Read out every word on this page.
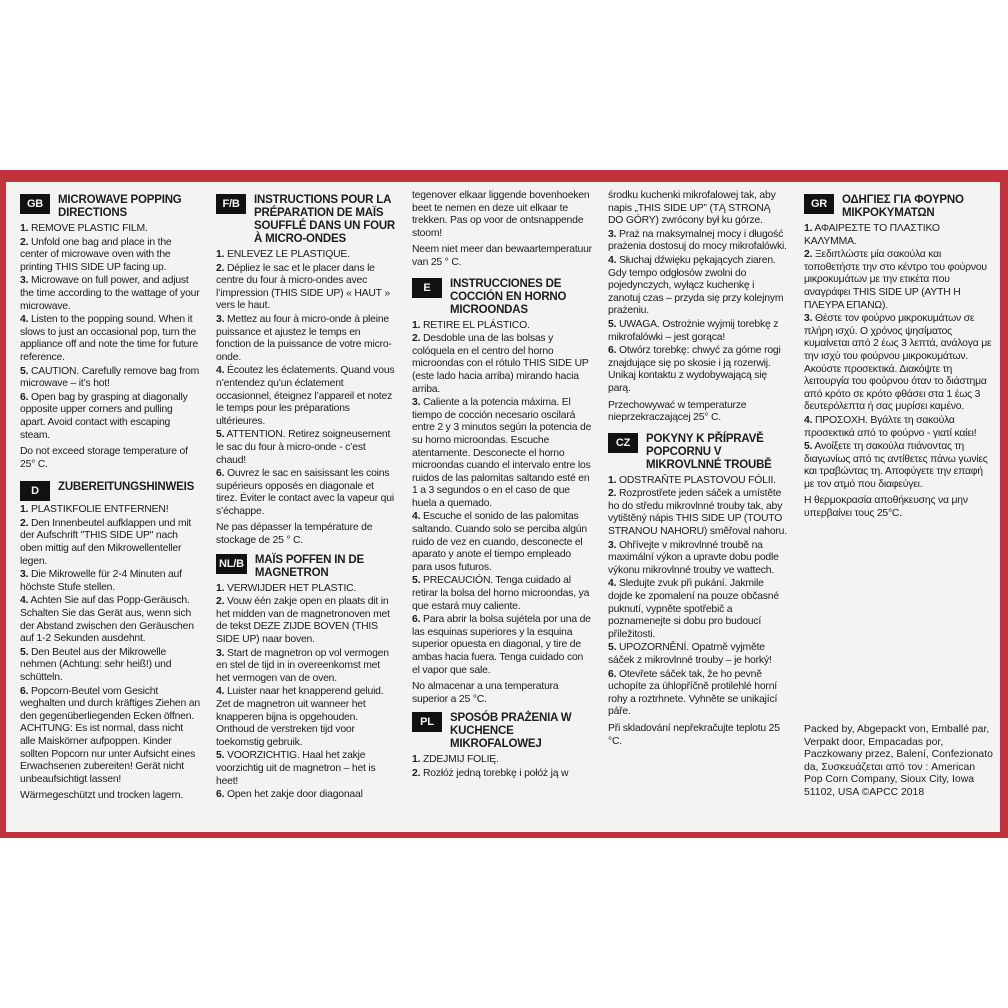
GB	MICROWAVE POPPING DIRECTIONS
1. REMOVE PLASTIC FILM.
2. Unfold one bag and place in the center of microwave oven with the printing THIS SIDE UP facing up.
3. Microwave on full power, and adjust the time according to the wattage of your microwave.
4. Listen to the popping sound. When it slows to just an occasional pop, turn the appliance off and note the time for future reference.
5. CAUTION. Carefully remove bag from microwave – it’s hot!
6. Open bag by grasping at diagonally opposite upper corners and pulling apart. Avoid contact with escaping steam.
Do not exceed storage temperature of 25° C.
D	ZUBEREITUNGSHINWEIS
1. PLASTIKFOLIE ENTFERNEN!
2. Den Innenbeutel aufklappen und mit der Aufschrift "THIS SIDE UP" nach oben mittig auf den Mikrowellenteller legen.
3. Die Mikrowelle für 2-4 Minuten auf höchste Stufe stellen.
4. Achten Sie auf das Popp-Geräusch. Schalten Sie das Gerät aus, wenn sich der Abstand zwischen den Geräuschen auf 1-2 Sekunden ausdehnt.
5. Den Beutel aus der Mikrowelle nehmen (Achtung: sehr heiß!) und schütteln.
6. Popcorn-Beutel vom Gesicht weghalten und durch kräftiges Ziehen an den gegenüberliegenden Ecken öffnen. ACHTUNG: Es ist normal, dass nicht alle Maiskörner aufpoppen. Kinder sollten Popcorn nur unter Aufsicht eines Erwachsenen zubereiten! Gerät nicht unbeaufsichtigt lassen!
Wärmegeschützt und trocken lagern.
F/B	INSTRUCTIONS POUR LA PRÉPARATION DE MAÏS SOUFFLÉ DANS UN FOUR À MICRO-ONDES
1. ENLEVEZ LE PLASTIQUE.
2. Dépliez le sac et le placer dans le centre du four à micro-ondes avec l’impression (THIS SIDE UP) « HAUT » vers le haut.
3. Mettez au four à micro-onde à pleine puissance et ajustez le temps en fonction de la puissance de votre micro-onde.
4. Écoutez les éclatements. Quand vous n’entendez qu’un éclatement occasionnel, éteignez l’appareil et notez le temps pour les préparations ultérieures.
5. ATTENTION. Retirez soigneusement le sac du four à micro-onde - c’est chaud!
6. Ouvrez le sac en saisissant les coins supérieurs opposés en diagonale et tirez. Éviter le contact avec la vapeur qui s’échappe.
Ne pas dépasser la température de stockage de 25 ° C.
NL/B MAÏS POFFEN IN DE MAGNETRON
1. VERWIJDER HET PLASTIC.
2. Vouw één zakje open en plaats dit in het midden van de magnetronoven met de tekst DEZE ZIJDE BOVEN (THIS SIDE UP) naar boven.
3. Start de magnetron op vol vermogen en stel de tijd in in overeenkomst met het vermogen van de oven.
4. Luister naar het knapperend geluid. Zet de magnetron uit wanneer het knapperen bijna is opgehouden. Onthoud de verstreken tijd voor toekomstig gebruik.
5. VOORZICHTIG. Haal het zakje voorzichtig uit de magnetron – het is heet!
6. Open het zakje door diagonaal
tegenover elkaar liggende bovenhoeken beet te nemen en deze uit elkaar te trekken. Pas op voor de ontsnappende stoom!
Neem niet meer dan bewaartemperatuur van 25 ° C.
E	INSTRUCCIONES DE COCCIÓN EN HORNO MICROONDAS
1. RETIRE EL PLÁSTICO.
2. Desdoble una de las bolsas y colóquela en el centro del horno microondas con el rótulo THIS SIDE UP (este lado hacia arriba) mirando hacia arriba.
3. Caliente a la potencia máxima. El tiempo de cocción necesario oscilará entre 2 y 3 minutos según la potencia de su horno microondas. Escuche atentamente. Desconecte el horno microondas cuando el intervalo entre los ruidos de las palomitas saltando esté en 1 a 3 segundos o en el caso de que huela a quemado.
4. Escuche el sonido de las palomitas saltando. Cuando solo se perciba algún ruido de vez en cuando, desconecte el aparato y anote el tiempo empleado para usos futuros.
5. PRECAUCIÓN. Tenga cuidado al retirar la bolsa del horno microondas, ya que estará muy caliente.
6. Para abrir la bolsa sujétela por una de las esquinas superiores y la esquina superior opuesta en diagonal, y tire de ambas hacia fuera. Tenga cuidado con el vapor que sale.
No almacenar a una temperatura superior a 25 °C.
PL	SPOSÓB PRAŻENIA W KUCHENCE MIKROFALOWEJ
1. ZDEJMIJ FOLIĘ.
2. Rozłóż jedną torebkę i połóż ją w
środku kuchenki mikrofalowej tak, aby napis „THIS SIDE UP” (TĄ STRONĄ DO GÓRY) zwrócony był ku górze.
3. Praż na maksymalnej mocy i długość prażenia dostosuj do mocy mikrofalówki.
4. Słuchaj dźwięku pękających ziaren. Gdy tempo odgłosów zwolni do pojedynczych, wyłącz kuchenkę i zanotuj czas – przyda się przy kolejnym prażeniu.
5. UWAGA. Ostrożnie wyjmij torebkę z mikrofalówki – jest gorąca!
6. Otwórz torebkę: chwyć za górne rogi znajdujące się po skosie i ją rozerwij. Unikaj kontaktu z wydobywającą się parą.
Przechowywać w temperaturze nieprzekraczającej 25° C.
CZ	POKYNY K PŘÍPRAVĚ POPCORNU V MIKROVLNNÉ TROUBĚ
1. ODSTRAŇTE PLASTOVOU FÓLII.
2. Rozprostřete jeden sáček a umístěte ho do středu mikrovlnné trouby tak, aby vytištěný nápis THIS SIDE UP (TOUTO STRANOU NAHORU) směřoval nahoru.
3. Ohřívejte v mikrovlnné troubě na maximální výkon a upravte dobu podle výkonu mikrovlnné trouby ve wattech.
4. Sledujte zvuk při pukání. Jakmile dojde ke zpomalení na pouze občasné puknutí, vypněte spotřebič a poznamenejte si dobu pro budoucí příležitosti.
5. UPOZORNĚNÍ. Opatrně vyjměte sáček z mikrovlnné trouby – je horký!
6. Otevřete sáček tak, že ho pevně uchopíte za úhlopříčně protilehlé horní rohy a roztrhnete. Vyhněte se unikající páře.
Při skladování nepřekračujte teplotu 25 °C.
GR	ΟΔΗΓΙΕΣ ΓΙΑ ΦΟΥΡΝΟ ΜΙΚΡΟΚΥΜΑΤΩΝ
1. ΑΦΑΙΡΕΣΤΕ ΤΟ ΠΛΑΣΤΙΚΟ ΚΑΛΥΜΜΑ.
2. Ξεδιπλώστε μία σακούλα και τοποθετήστε την στο κέντρο του φούρνου μικροκυμάτων με την ετικέτα που αναγράφει THIS SIDE UP (ΑΥΤΗ Η ΠΛΕΥΡΑ ΕΠΑΝΩ).
3. Θέστε τον φούρνο μικροκυμάτων σε πλήρη ισχύ. Ο χρόνος ψησίματος κυμαίνεται από 2 έως 3 λεπτά, ανάλογα με την ισχύ του φούρνου μικροκυμάτων. Ακούστε προσεκτικά. Διακόψτε τη λειτουργία του φούρνου όταν το διάστημα από κρότο σε κρότο φθάσει στα 1 έως 3 δευτερόλεπτα ή σας μυρίσει καμένο.
4. ΠΡΟΣΟΧΗ. Βγάλτε τη σακούλα προσεκτικά από το φούρνο - γιατί καίει!
5. Ανοίξετε τη σακούλα πιάνοντας τη διαγωνίως από τις αντίθετες πάνω γωνίες και τραβώντας τη. Αποφύγετε την επαφή με τον ατμό που διαφεύγει.
Η θερμοκρασία αποθήκευσης να μην υπερβαίνει τους 25°C.
Packed by, Abgepackt von, Emballé par, Verpakt door, Empacadas por, Paczkowany przez, Balení, Confezionato da, Συσκευάζεται από τον : American Pop Corn Company, Sioux City, Iowa 51102, USA ©APCC 2018
